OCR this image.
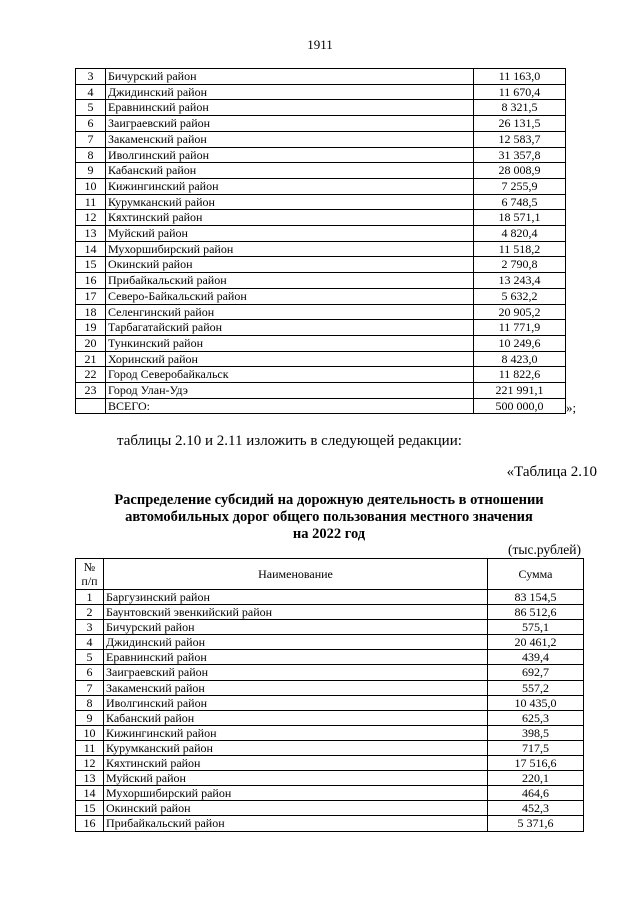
1911
3	Бичурский район	11 163,0
4	Джидинский район	11 670,4
5	Еравнинский район	8 321,5
6	Заиграевский район	26 131,5
7	Закаменский район	12 583,7
8	Иволгинский район	31 357,8
9	Кабанский район	28 008,9
10	Кижингинский район	7 255,9
11	Курумканский район	6 748,5
12	Кяхтинский район	18 571,1
13	Муйский район	4 820,4
14	Мухоршибирский район	11 518,2
15	Окинский район	2 790,8
16	Прибайкальский район	13 243,4
17	Северо-Байкальский район	5 632,2
18	Селенгинский район	20 905,2
19	Тарбагатайский район	11 771,9
20	Тункинский район	10 249,6
21	Хоринский район	8 423,0
22	Город Северобайкальск	11 822,6
23	Город Улан-Удэ	221 991,1
	ВСЕГО:	500 000,0 »;
таблицы 2.10 и 2.11 изложить в следующей редакции:
«Таблица 2.10
Распределение субсидий на дорожную деятельность в отношении
автомобильных дорог общего пользования местного значения
на 2022 год
(тыс.рублей)
№
п/п	Наименование	Сумма
1	Баргузинский район	83 154,5
2	Баунтовский эвенкийский район	86 512,6
3	Бичурский район	575,1
4	Джидинский район	20 461,2
5	Еравнинский район	439,4
6	Заиграевский район	692,7
7	Закаменский район	557,2
8	Иволгинский район	10 435,0
9	Кабанский район	625,3
10	Кижингинский район	398,5
11	Курумканский район	717,5
12	Кяхтинский район	17 516,6
13	Муйский район	220,1
14	Мухоршибирский район	464,6
15	Окинский район	452,3
16	Прибайкальский район	5 371,6
